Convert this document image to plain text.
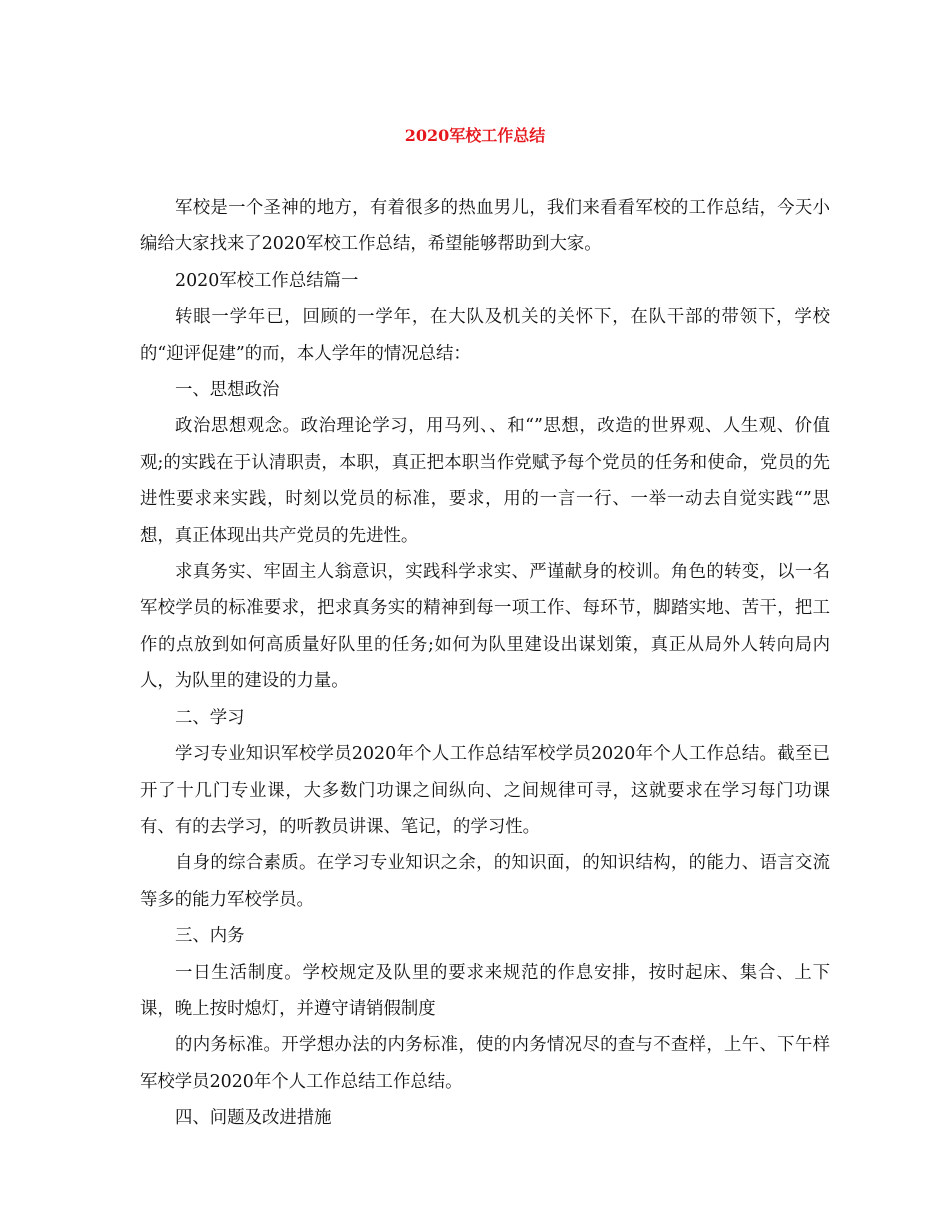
2020军校工作总结

军校是一个圣神的地方，有着很多的热血男儿，我们来看看军校的工作总结，今天小编给大家找来了2020军校工作总结，希望能够帮助到大家。

2020军校工作总结篇一

转眼一学年已，回顾的一学年，在大队及机关的关怀下，在队干部的带领下，学校的“迎评促建”的而，本人学年的情况总结：

一、思想政治

政治思想观念。政治理论学习，用马列、、和“”思想，改造的世界观、人生观、价值观;的实践在于认清职责，本职，真正把本职当作党赋予每个党员的任务和使命，党员的先进性要求来实践，时刻以党员的标准，要求，用的一言一行、一举一动去自觉实践“”思想，真正体现出共产党员的先进性。

求真务实、牢固主人翁意识，实践科学求实、严谨献身的校训。角色的转变，以一名军校学员的标准要求，把求真务实的精神到每一项工作、每环节，脚踏实地、苦干，把工作的点放到如何高质量好队里的任务;如何为队里建设出谋划策，真正从局外人转向局内人，为队里的建设的力量。

二、学习

学习专业知识军校学员2020年个人工作总结军校学员2020年个人工作总结。截至已开了十几门专业课，大多数门功课之间纵向、之间规律可寻，这就要求在学习每门功课有、有的去学习，的听教员讲课、笔记，的学习性。

自身的综合素质。在学习专业知识之余，的知识面，的知识结构，的能力、语言交流等多的能力军校学员。

三、内务

一日生活制度。学校规定及队里的要求来规范的作息安排，按时起床、集合、上下课，晚上按时熄灯，并遵守请销假制度

的内务标准。开学想办法的内务标准，使的内务情况尽的查与不查样，上午、下午样军校学员2020年个人工作总结工作总结。

四、问题及改进措施
